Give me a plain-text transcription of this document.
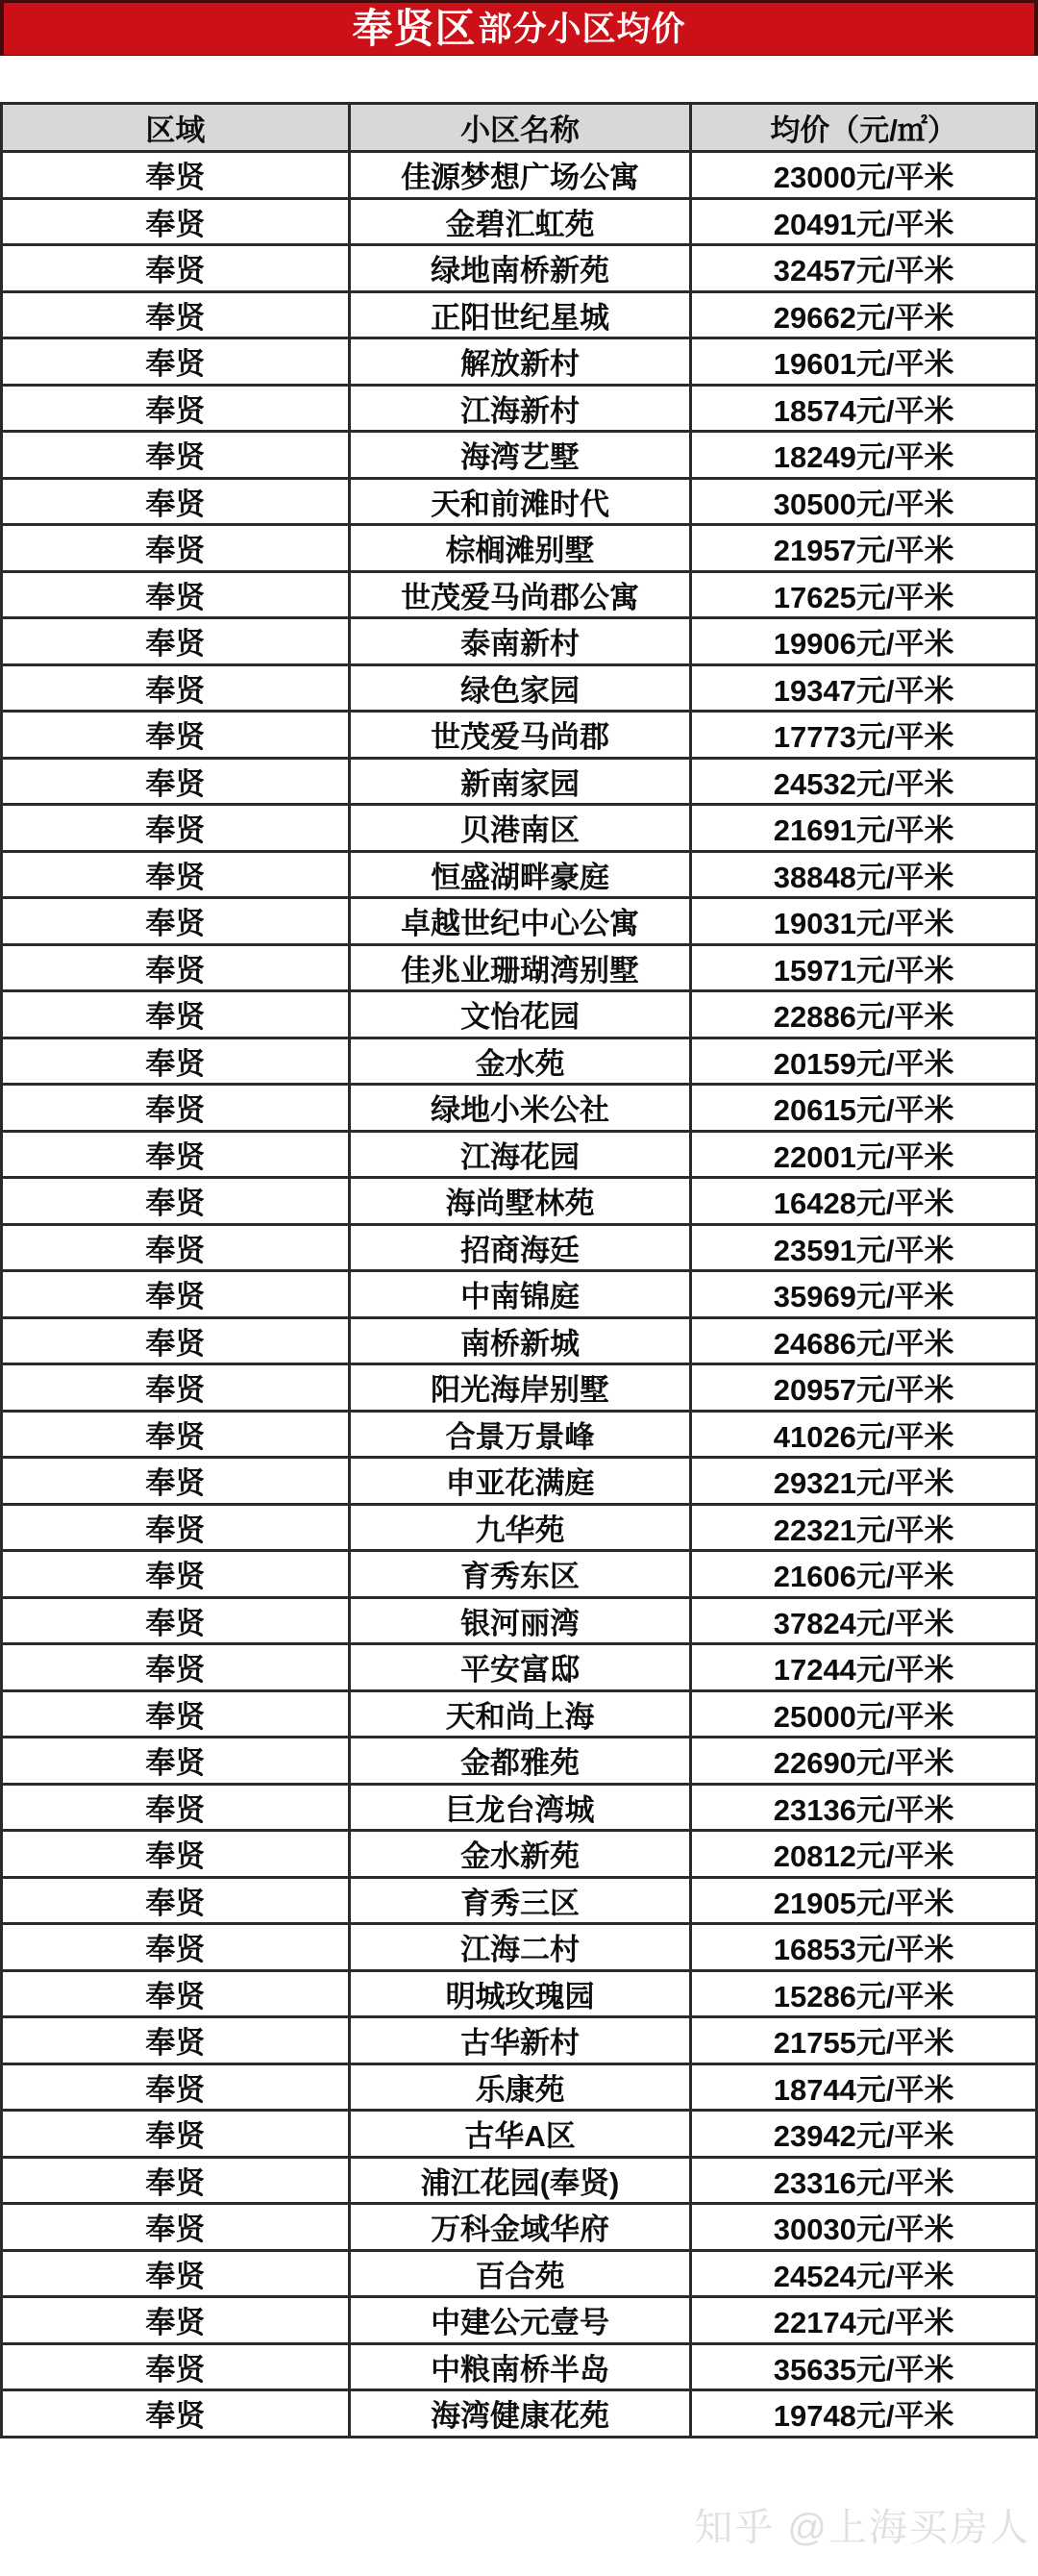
奉贤区 部分小区均价
区域	小区名称	均价（元/㎡）
奉贤	佳源梦想广场公寓	23000元/平米
奉贤	金碧汇虹苑	20491元/平米
奉贤	绿地南桥新苑	32457元/平米
奉贤	正阳世纪星城	29662元/平米
奉贤	解放新村	19601元/平米
奉贤	江海新村	18574元/平米
奉贤	海湾艺墅	18249元/平米
奉贤	天和前滩时代	30500元/平米
奉贤	棕榈滩别墅	21957元/平米
奉贤	世茂爱马尚郡公寓	17625元/平米
奉贤	泰南新村	19906元/平米
奉贤	绿色家园	19347元/平米
奉贤	世茂爱马尚郡	17773元/平米
奉贤	新南家园	24532元/平米
奉贤	贝港南区	21691元/平米
奉贤	恒盛湖畔豪庭	38848元/平米
奉贤	卓越世纪中心公寓	19031元/平米
奉贤	佳兆业珊瑚湾别墅	15971元/平米
奉贤	文怡花园	22886元/平米
奉贤	金水苑	20159元/平米
奉贤	绿地小米公社	20615元/平米
奉贤	江海花园	22001元/平米
奉贤	海尚墅林苑	16428元/平米
奉贤	招商海廷	23591元/平米
奉贤	中南锦庭	35969元/平米
奉贤	南桥新城	24686元/平米
奉贤	阳光海岸别墅	20957元/平米
奉贤	合景万景峰	41026元/平米
奉贤	申亚花满庭	29321元/平米
奉贤	九华苑	22321元/平米
奉贤	育秀东区	21606元/平米
奉贤	银河丽湾	37824元/平米
奉贤	平安富邸	17244元/平米
奉贤	天和尚上海	25000元/平米
奉贤	金都雅苑	22690元/平米
奉贤	巨龙台湾城	23136元/平米
奉贤	金水新苑	20812元/平米
奉贤	育秀三区	21905元/平米
奉贤	江海二村	16853元/平米
奉贤	明城玫瑰园	15286元/平米
奉贤	古华新村	21755元/平米
奉贤	乐康苑	18744元/平米
奉贤	古华A区	23942元/平米
奉贤	浦江花园(奉贤)	23316元/平米
奉贤	万科金域华府	30030元/平米
奉贤	百合苑	24524元/平米
奉贤	中建公元壹号	22174元/平米
奉贤	中粮南桥半岛	35635元/平米
奉贤	海湾健康花苑	19748元/平米
知乎 @上海买房人
